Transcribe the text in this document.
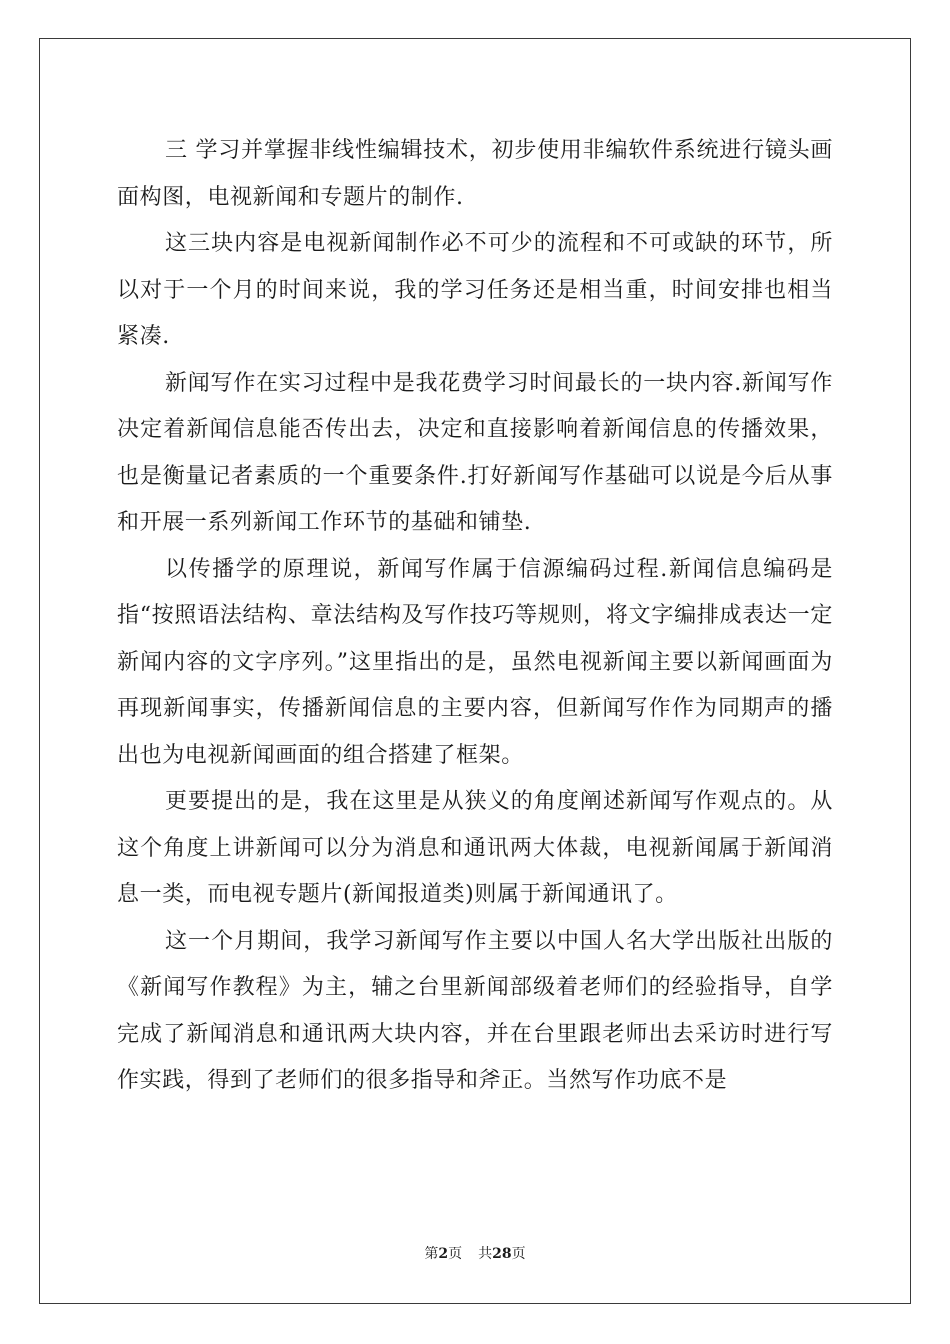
三 学习并掌握非线性编辑技术，初步使用非编软件系统进行镜头画面构图，电视新闻和专题片的制作.

这三块内容是电视新闻制作必不可少的流程和不可或缺的环节，所以对于一个月的时间来说，我的学习任务还是相当重，时间安排也相当紧凑.

新闻写作在实习过程中是我花费学习时间最长的一块内容.新闻写作决定着新闻信息能否传出去，决定和直接影响着新闻信息的传播效果，也是衡量记者素质的一个重要条件.打好新闻写作基础可以说是今后从事和开展一系列新闻工作环节的基础和铺垫.

以传播学的原理说，新闻写作属于信源编码过程.新闻信息编码是指“按照语法结构、章法结构及写作技巧等规则，将文字编排成表达一定新闻内容的文字序列。”这里指出的是，虽然电视新闻主要以新闻画面为再现新闻事实，传播新闻信息的主要内容，但新闻写作作为同期声的播出也为电视新闻画面的组合搭建了框架。

更要提出的是，我在这里是从狭义的角度阐述新闻写作观点的。从这个角度上讲新闻可以分为消息和通讯两大体裁，电视新闻属于新闻消息一类，而电视专题片(新闻报道类)则属于新闻通讯了。

这一个月期间，我学习新闻写作主要以中国人名大学出版社出版的《新闻写作教程》为主，辅之台里新闻部级着老师们的经验指导，自学完成了新闻消息和通讯两大块内容，并在台里跟老师出去采访时进行写作实践，得到了老师们的很多指导和斧正。当然写作功底不是

第2页 共28页
